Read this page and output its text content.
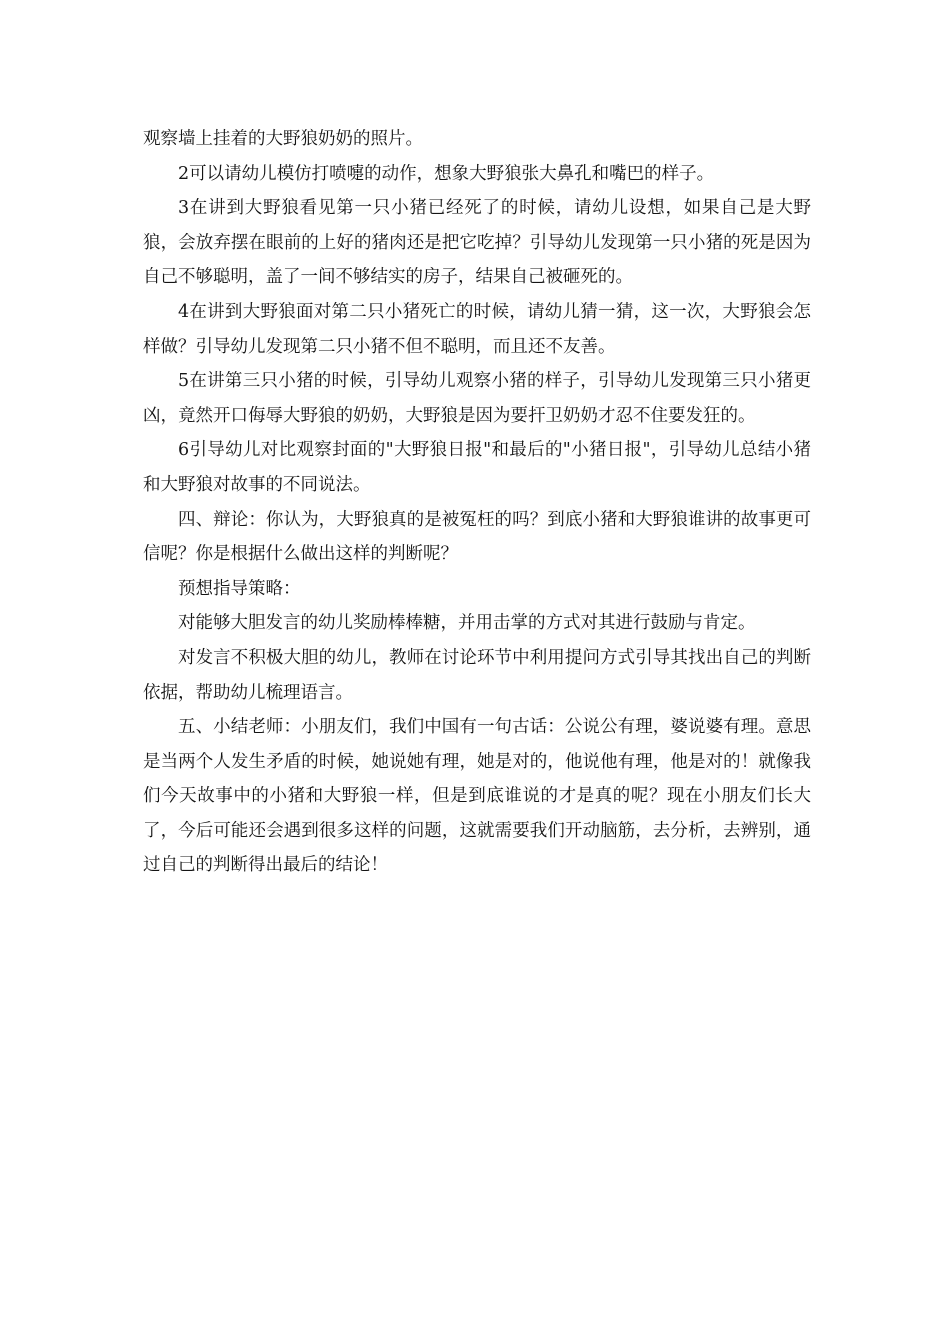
观察墙上挂着的大野狼奶奶的照片。

2可以请幼儿模仿打喷嚏的动作，想象大野狼张大鼻孔和嘴巴的样子。

3在讲到大野狼看见第一只小猪已经死了的时候，请幼儿设想，如果自己是大野狼，会放弃摆在眼前的上好的猪肉还是把它吃掉？引导幼儿发现第一只小猪的死是因为自己不够聪明，盖了一间不够结实的房子，结果自己被砸死的。

4在讲到大野狼面对第二只小猪死亡的时候，请幼儿猜一猜，这一次，大野狼会怎样做？引导幼儿发现第二只小猪不但不聪明，而且还不友善。

5在讲第三只小猪的时候，引导幼儿观察小猪的样子，引导幼儿发现第三只小猪更凶，竟然开口侮辱大野狼的奶奶，大野狼是因为要扞卫奶奶才忍不住要发狂的。

6引导幼儿对比观察封面的"大野狼日报"和最后的"小猪日报"，引导幼儿总结小猪和大野狼对故事的不同说法。

四、辩论：你认为，大野狼真的是被冤枉的吗？到底小猪和大野狼谁讲的故事更可信呢？你是根据什么做出这样的判断呢？

预想指导策略：

对能够大胆发言的幼儿奖励棒棒糖，并用击掌的方式对其进行鼓励与肯定。

对发言不积极大胆的幼儿，教师在讨论环节中利用提问方式引导其找出自己的判断依据，帮助幼儿梳理语言。

五、小结老师：小朋友们，我们中国有一句古话：公说公有理，婆说婆有理。意思是当两个人发生矛盾的时候，她说她有理，她是对的，他说他有理，他是对的！就像我们今天故事中的小猪和大野狼一样，但是到底谁说的才是真的呢？现在小朋友们长大了，今后可能还会遇到很多这样的问题，这就需要我们开动脑筋，去分析，去辨别，通过自己的判断得出最后的结论！
